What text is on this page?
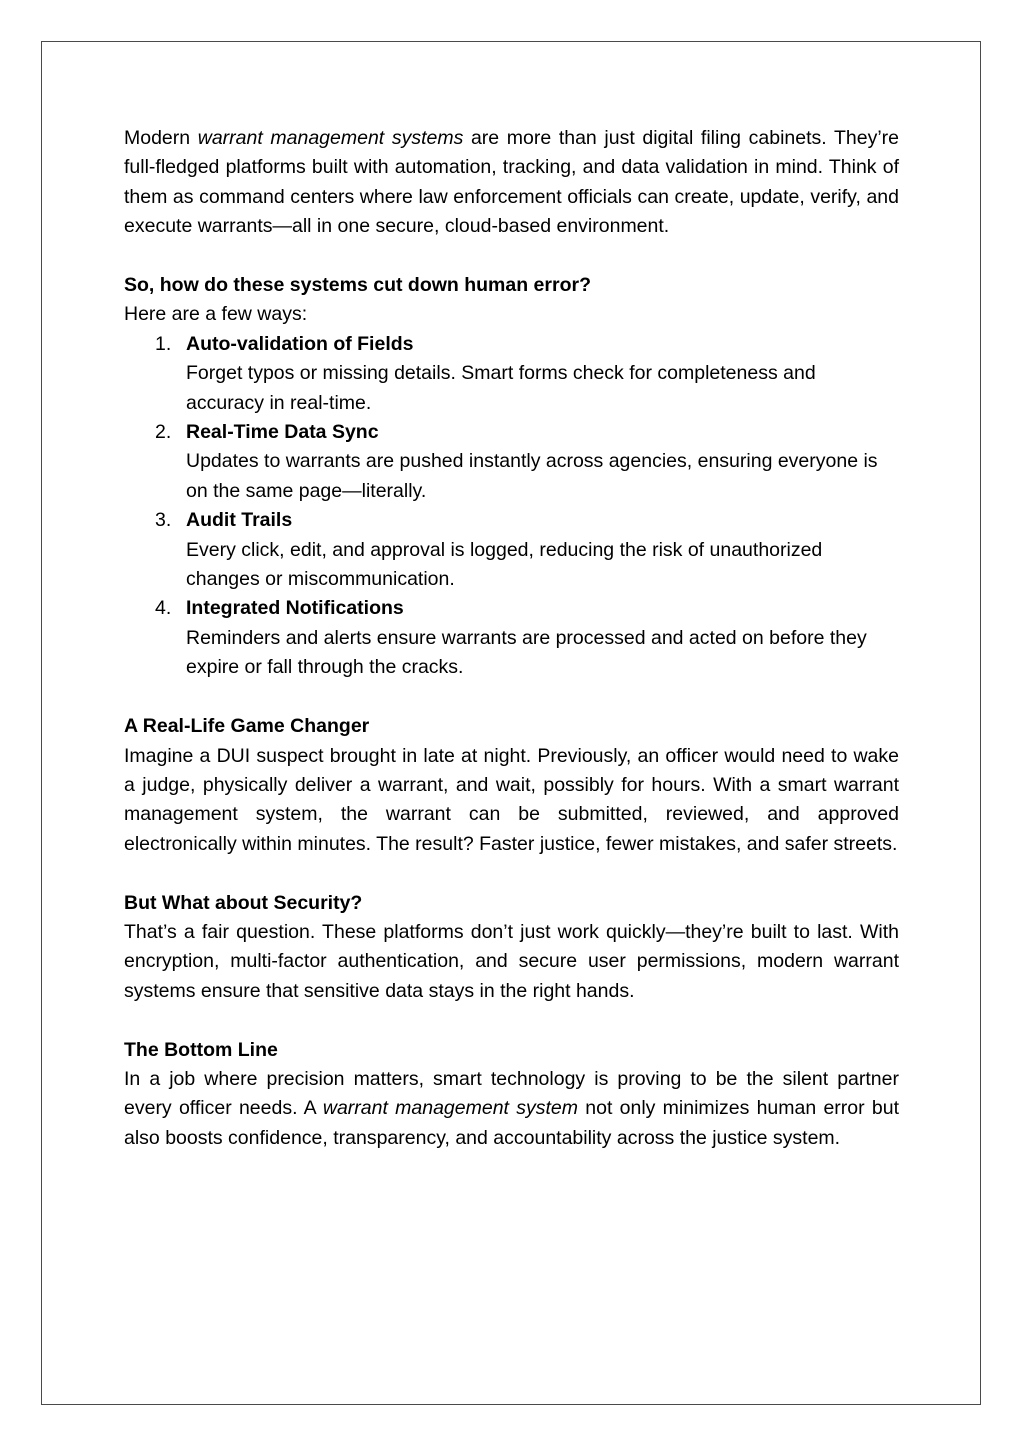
Modern warrant management systems are more than just digital filing cabinets. They’re full-fledged platforms built with automation, tracking, and data validation in mind. Think of them as command centers where law enforcement officials can create, update, verify, and execute warrants—all in one secure, cloud-based environment.

So, how do these systems cut down human error?

Here are a few ways:

1. Auto-validation of Fields
Forget typos or missing details. Smart forms check for completeness and accuracy in real-time.
2. Real-Time Data Sync
Updates to warrants are pushed instantly across agencies, ensuring everyone is on the same page—literally.
3. Audit Trails
Every click, edit, and approval is logged, reducing the risk of unauthorized changes or miscommunication.
4. Integrated Notifications
Reminders and alerts ensure warrants are processed and acted on before they expire or fall through the cracks.

A Real-Life Game Changer

Imagine a DUI suspect brought in late at night. Previously, an officer would need to wake a judge, physically deliver a warrant, and wait, possibly for hours. With a smart warrant management system, the warrant can be submitted, reviewed, and approved electronically within minutes. The result? Faster justice, fewer mistakes, and safer streets.

But What about Security?

That’s a fair question. These platforms don’t just work quickly—they’re built to last. With encryption, multi-factor authentication, and secure user permissions, modern warrant systems ensure that sensitive data stays in the right hands.

The Bottom Line

In a job where precision matters, smart technology is proving to be the silent partner every officer needs. A warrant management system not only minimizes human error but also boosts confidence, transparency, and accountability across the justice system.
